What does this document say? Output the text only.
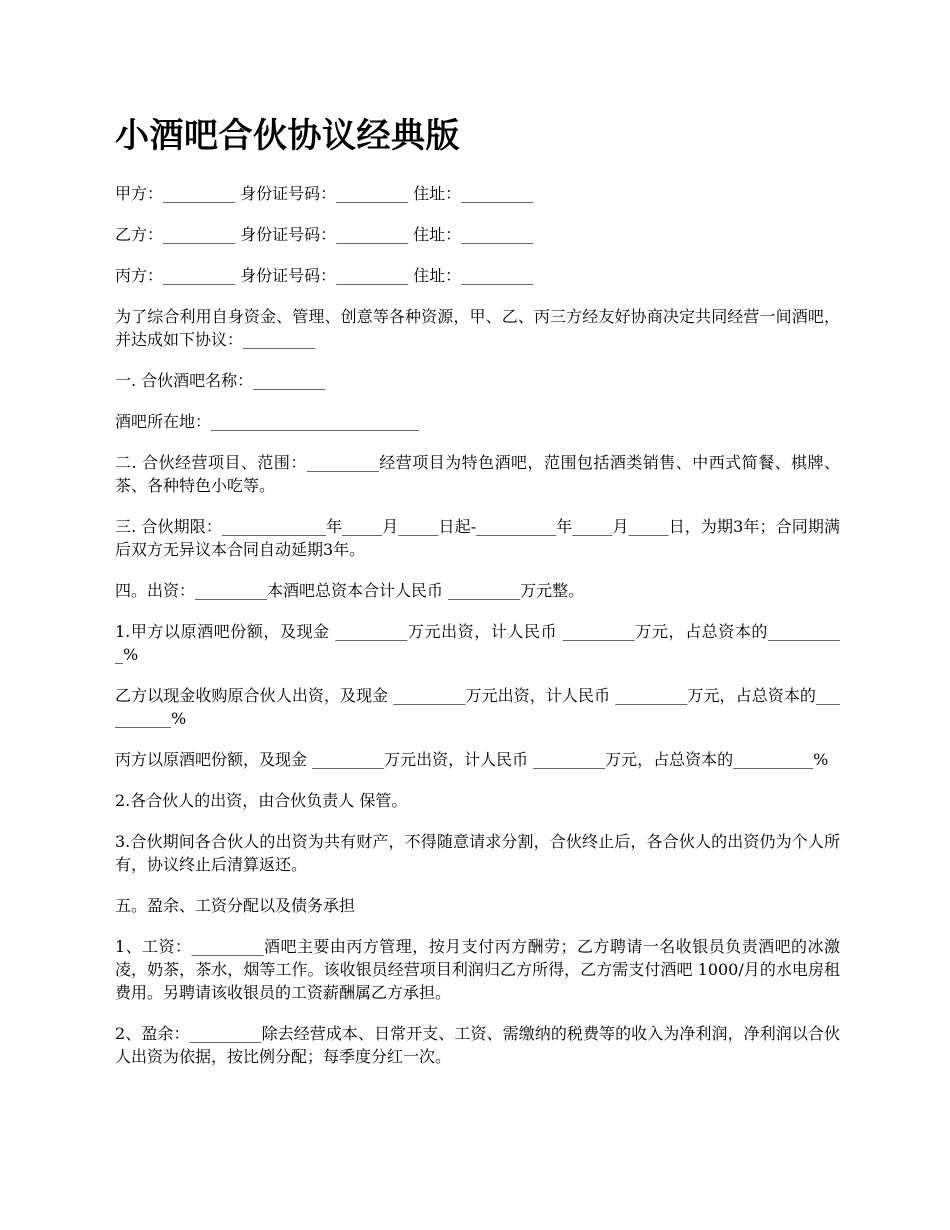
小酒吧合伙协议经典版

甲方：_________ 身份证号码：_________ 住址：_________

乙方：_________ 身份证号码：_________ 住址：_________

丙方：_________ 身份证号码：_________ 住址：_________

为了综合利用自身资金、管理、创意等各种资源，甲、乙、丙三方经友好协商决定共同经营一间酒吧，并达成如下协议：_________

一. 合伙酒吧名称：_________

酒吧所在地：__________________________

二. 合伙经营项目、范围：_________经营项目为特色酒吧，范围包括酒类销售、中西式简餐、棋牌、茶、各种特色小吃等。

三. 合伙期限：_____________年_____月_____日起-__________年_____月_____日，为期3年；合同期满后双方无异议本合同自动延期3年。

四。出资：_________本酒吧总资本合计人民币 _________万元整。

1.甲方以原酒吧份额，及现金 _________万元出资，计人民币 _________万元，占总资本的__________%

乙方以现金收购原合伙人出资，及现金 _________万元出资，计人民币 _________万元，占总资本的__________%

丙方以原酒吧份额，及现金 _________万元出资，计人民币 _________万元，占总资本的__________%

2.各合伙人的出资，由合伙负责人 保管。

3.合伙期间各合伙人的出资为共有财产，不得随意请求分割，合伙终止后，各合伙人的出资仍为个人所有，协议终止后清算返还。

五。盈余、工资分配以及债务承担

1、工资：_________酒吧主要由丙方管理，按月支付丙方酬劳；乙方聘请一名收银员负责酒吧的冰激凌，奶茶，茶水，烟等工作。该收银员经营项目利润归乙方所得，乙方需支付酒吧 1000/月的水电房租费用。另聘请该收银员的工资薪酬属乙方承担。

2、盈余：_________除去经营成本、日常开支、工资、需缴纳的税费等的收入为净利润，净利润以合伙人出资为依据，按比例分配；每季度分红一次。
